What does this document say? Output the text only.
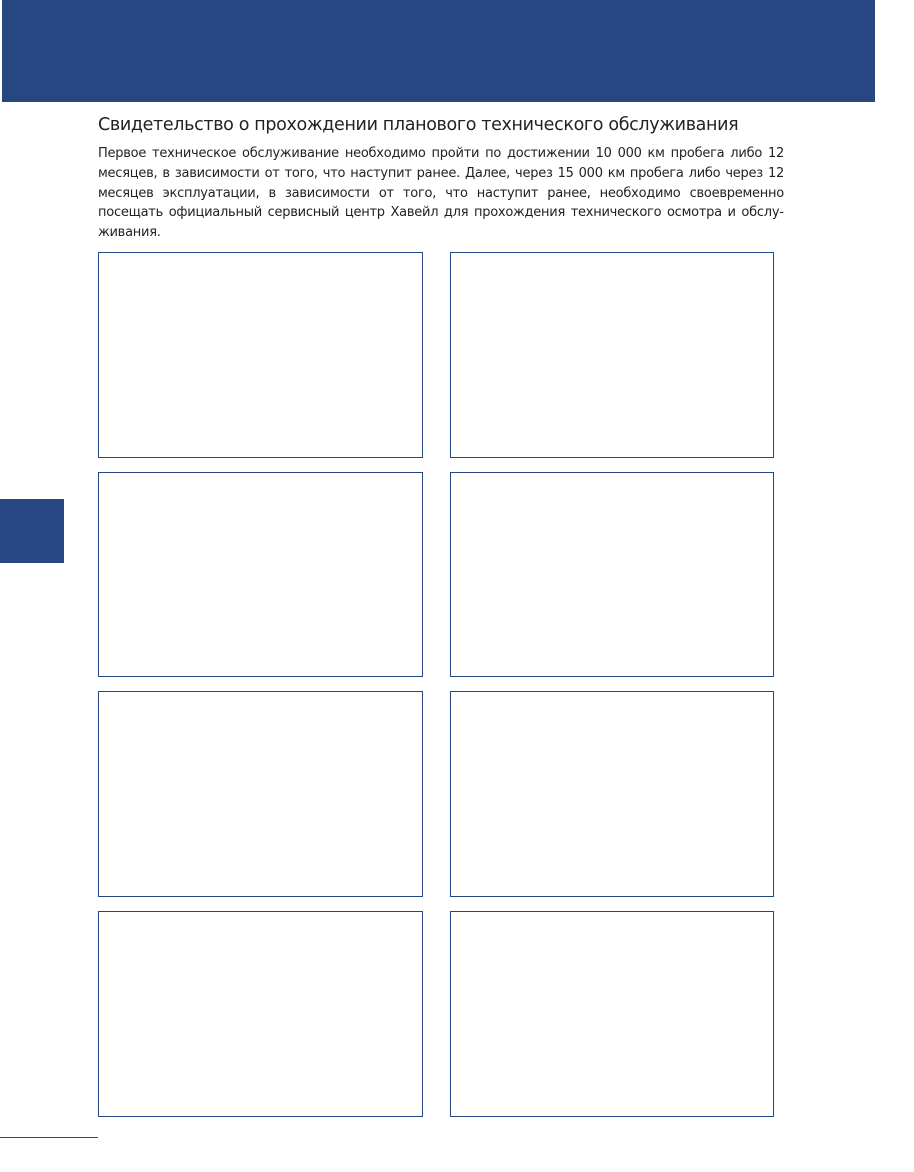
Свидетельство о прохождении планового технического обслуживания

Первое техническое обслуживание необходимо пройти по достижении 10 000 км пробега либо 12 месяцев, в зависимости от того, что наступит ранее. Далее, через 15 000 км пробега либо через 12 месяцев эксплуатации, в зависимости от того, что наступит ранее, необходимо своевременно посещать официальный сервисный центр Хавейл для прохождения технического осмотра и обслуживания.
